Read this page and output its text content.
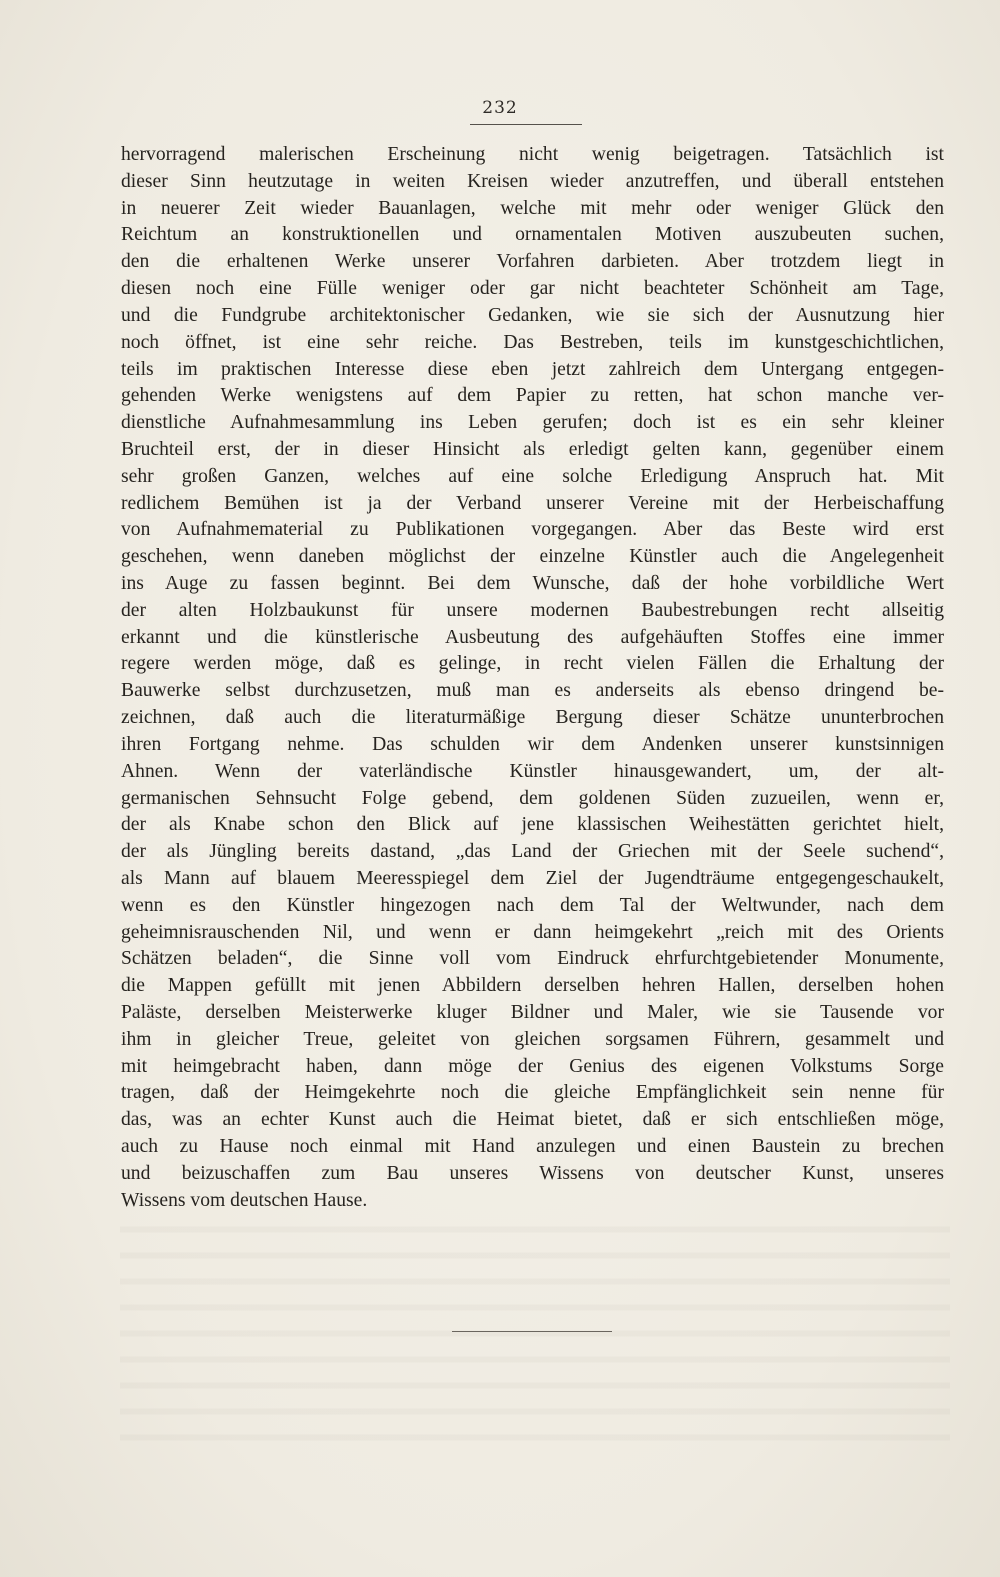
232
hervorragend malerischen Erscheinung nicht wenig beigetragen. Tatsächlich ist
dieser Sinn heutzutage in weiten Kreisen wieder anzutreffen, und überall entstehen
in neuerer Zeit wieder Bauanlagen, welche mit mehr oder weniger Glück den
Reichtum an konstruktionellen und ornamentalen Motiven auszubeuten suchen,
den die erhaltenen Werke unserer Vorfahren darbieten. Aber trotzdem liegt in
diesen noch eine Fülle weniger oder gar nicht beachteter Schönheit am Tage,
und die Fundgrube architektonischer Gedanken, wie sie sich der Ausnutzung hier
noch öffnet, ist eine sehr reiche. Das Bestreben, teils im kunstgeschichtlichen,
teils im praktischen Interesse diese eben jetzt zahlreich dem Untergang entgegen-
gehenden Werke wenigstens auf dem Papier zu retten, hat schon manche ver-
dienstliche Aufnahmesammlung ins Leben gerufen; doch ist es ein sehr kleiner
Bruchteil erst, der in dieser Hinsicht als erledigt gelten kann, gegenüber einem
sehr großen Ganzen, welches auf eine solche Erledigung Anspruch hat. Mit
redlichem Bemühen ist ja der Verband unserer Vereine mit der Herbeischaffung
von Aufnahmematerial zu Publikationen vorgegangen. Aber das Beste wird erst
geschehen, wenn daneben möglichst der einzelne Künstler auch die Angelegenheit
ins Auge zu fassen beginnt. Bei dem Wunsche, daß der hohe vorbildliche Wert
der alten Holzbaukunst für unsere modernen Baubestrebungen recht allseitig
erkannt und die künstlerische Ausbeutung des aufgehäuften Stoffes eine immer
regere werden möge, daß es gelinge, in recht vielen Fällen die Erhaltung der
Bauwerke selbst durchzusetzen, muß man es anderseits als ebenso dringend be-
zeichnen, daß auch die literaturmäßige Bergung dieser Schätze ununterbrochen
ihren Fortgang nehme. Das schulden wir dem Andenken unserer kunstsinnigen
Ahnen. Wenn der vaterländische Künstler hinausgewandert, um, der alt-
germanischen Sehnsucht Folge gebend, dem goldenen Süden zuzueilen, wenn er,
der als Knabe schon den Blick auf jene klassischen Weihestätten gerichtet hielt,
der als Jüngling bereits dastand, „das Land der Griechen mit der Seele suchend“,
als Mann auf blauem Meeresspiegel dem Ziel der Jugendträume entgegengeschaukelt,
wenn es den Künstler hingezogen nach dem Tal der Weltwunder, nach dem
geheimnisrauschenden Nil, und wenn er dann heimgekehrt „reich mit des Orients
Schätzen beladen“, die Sinne voll vom Eindruck ehrfurchtgebietender Monumente,
die Mappen gefüllt mit jenen Abbildern derselben hehren Hallen, derselben hohen
Paläste, derselben Meisterwerke kluger Bildner und Maler, wie sie Tausende vor
ihm in gleicher Treue, geleitet von gleichen sorgsamen Führern, gesammelt und
mit heimgebracht haben, dann möge der Genius des eigenen Volkstums Sorge
tragen, daß der Heimgekehrte noch die gleiche Empfänglichkeit sein nenne für
das, was an echter Kunst auch die Heimat bietet, daß er sich entschließen möge,
auch zu Hause noch einmal mit Hand anzulegen und einen Baustein zu brechen
und beizuschaffen zum Bau unseres Wissens von deutscher Kunst, unseres
Wissens vom deutschen Hause.
